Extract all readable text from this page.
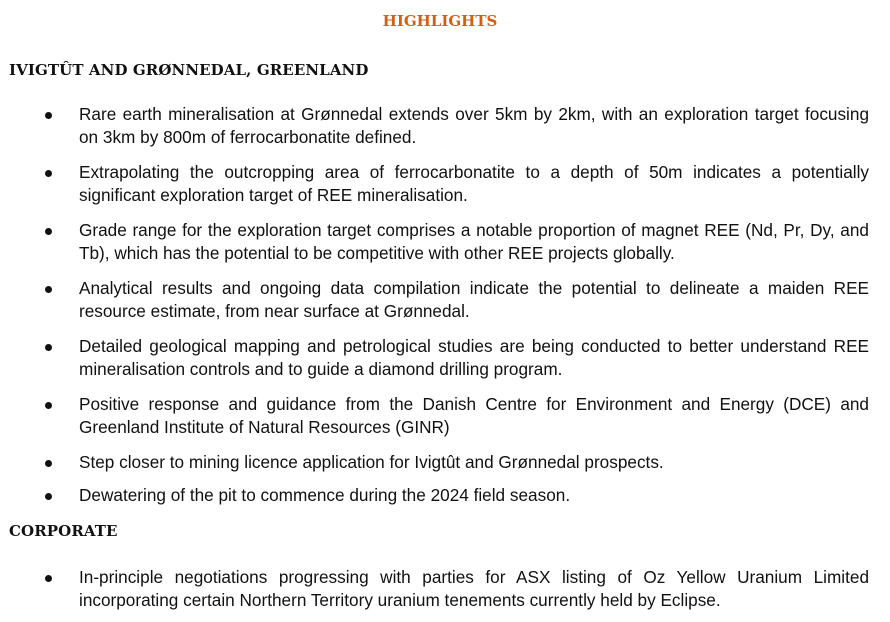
HIGHLIGHTS
IVIGTÛT AND GRØNNEDAL, GREENLAND
Rare earth mineralisation at Grønnedal extends over 5km by 2km, with an exploration target focusing on 3km by 800m of ferrocarbonatite defined.
Extrapolating the outcropping area of ferrocarbonatite to a depth of 50m indicates a potentially significant exploration target of REE mineralisation.
Grade range for the exploration target comprises a notable proportion of magnet REE (Nd, Pr, Dy, and Tb), which has the potential to be competitive with other REE projects globally.
Analytical results and ongoing data compilation indicate the potential to delineate a maiden REE resource estimate, from near surface at Grønnedal.
Detailed geological mapping and petrological studies are being conducted to better understand REE mineralisation controls and to guide a diamond drilling program.
Positive response and guidance from the Danish Centre for Environment and Energy (DCE) and Greenland Institute of Natural Resources (GINR)
Step closer to mining licence application for Ivigtût and Grønnedal prospects.
Dewatering of the pit to commence during the 2024 field season.
CORPORATE
In-principle negotiations progressing with parties for ASX listing of Oz Yellow Uranium Limited incorporating certain Northern Territory uranium tenements currently held by Eclipse.
